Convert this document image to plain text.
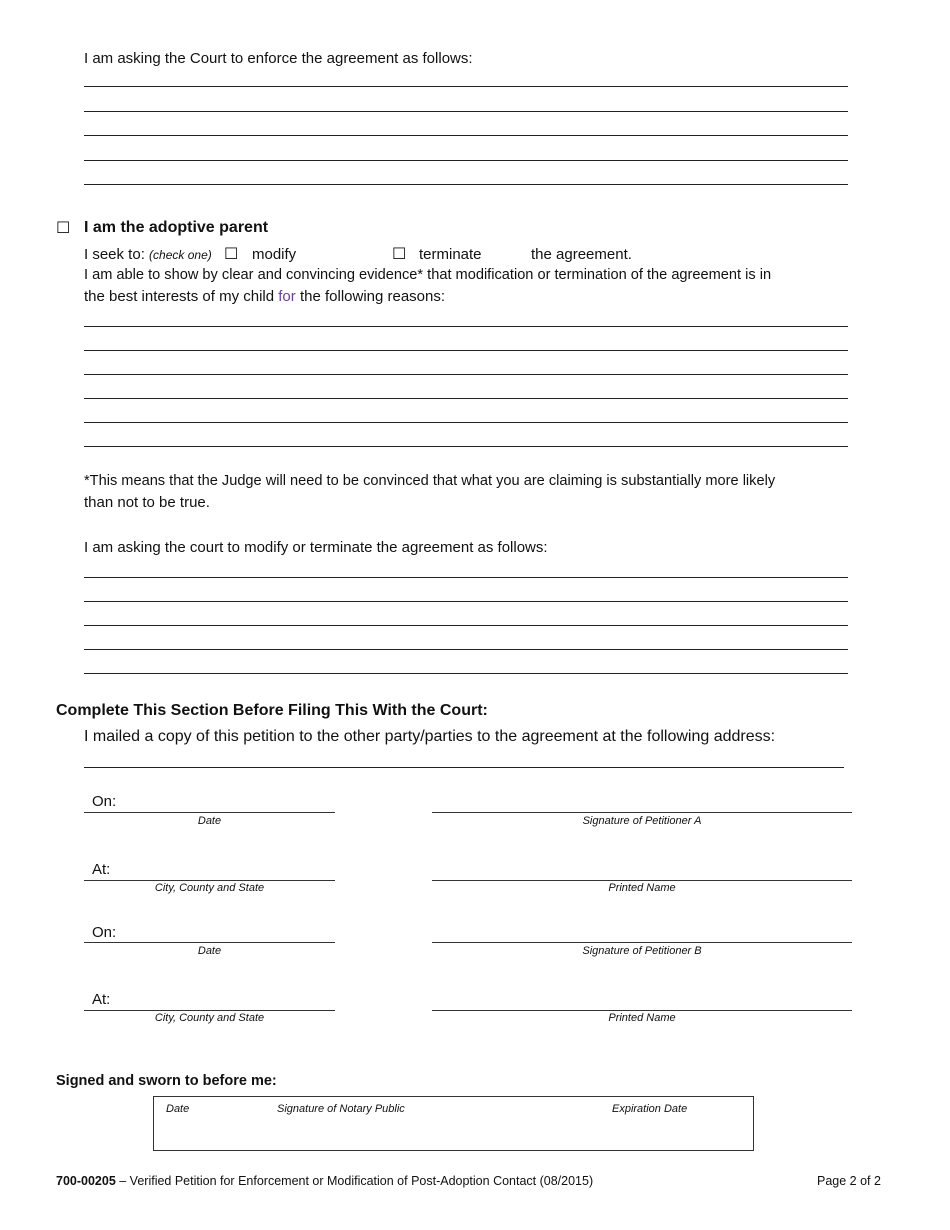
I am asking the Court to enforce the agreement as follows:
☐ I am the adoptive parent
I seek to: (check one) ☐ modify	☐ terminate	the agreement.
I am able to show by clear and convincing evidence* that modification or termination of the agreement is in
the best interests of my child for the following reasons:
*This means that the Judge will need to be convinced that what you are claiming is substantially more likely
than not to be true.
I am asking the court to modify or terminate the agreement as follows:
Complete This Section Before Filing This With the Court:
I mailed a copy of this petition to the other party/parties to the agreement at the following address:
On:
Date	Signature of Petitioner A
At:
City, County and State	Printed Name
On:
Date	Signature of Petitioner B
At:
City, County and State	Printed Name
Signed and sworn to before me:
Date	Signature of Notary Public	Expiration Date
700-00205 – Verified Petition for Enforcement or Modification of Post-Adoption Contact (08/2015)	Page 2 of 2
